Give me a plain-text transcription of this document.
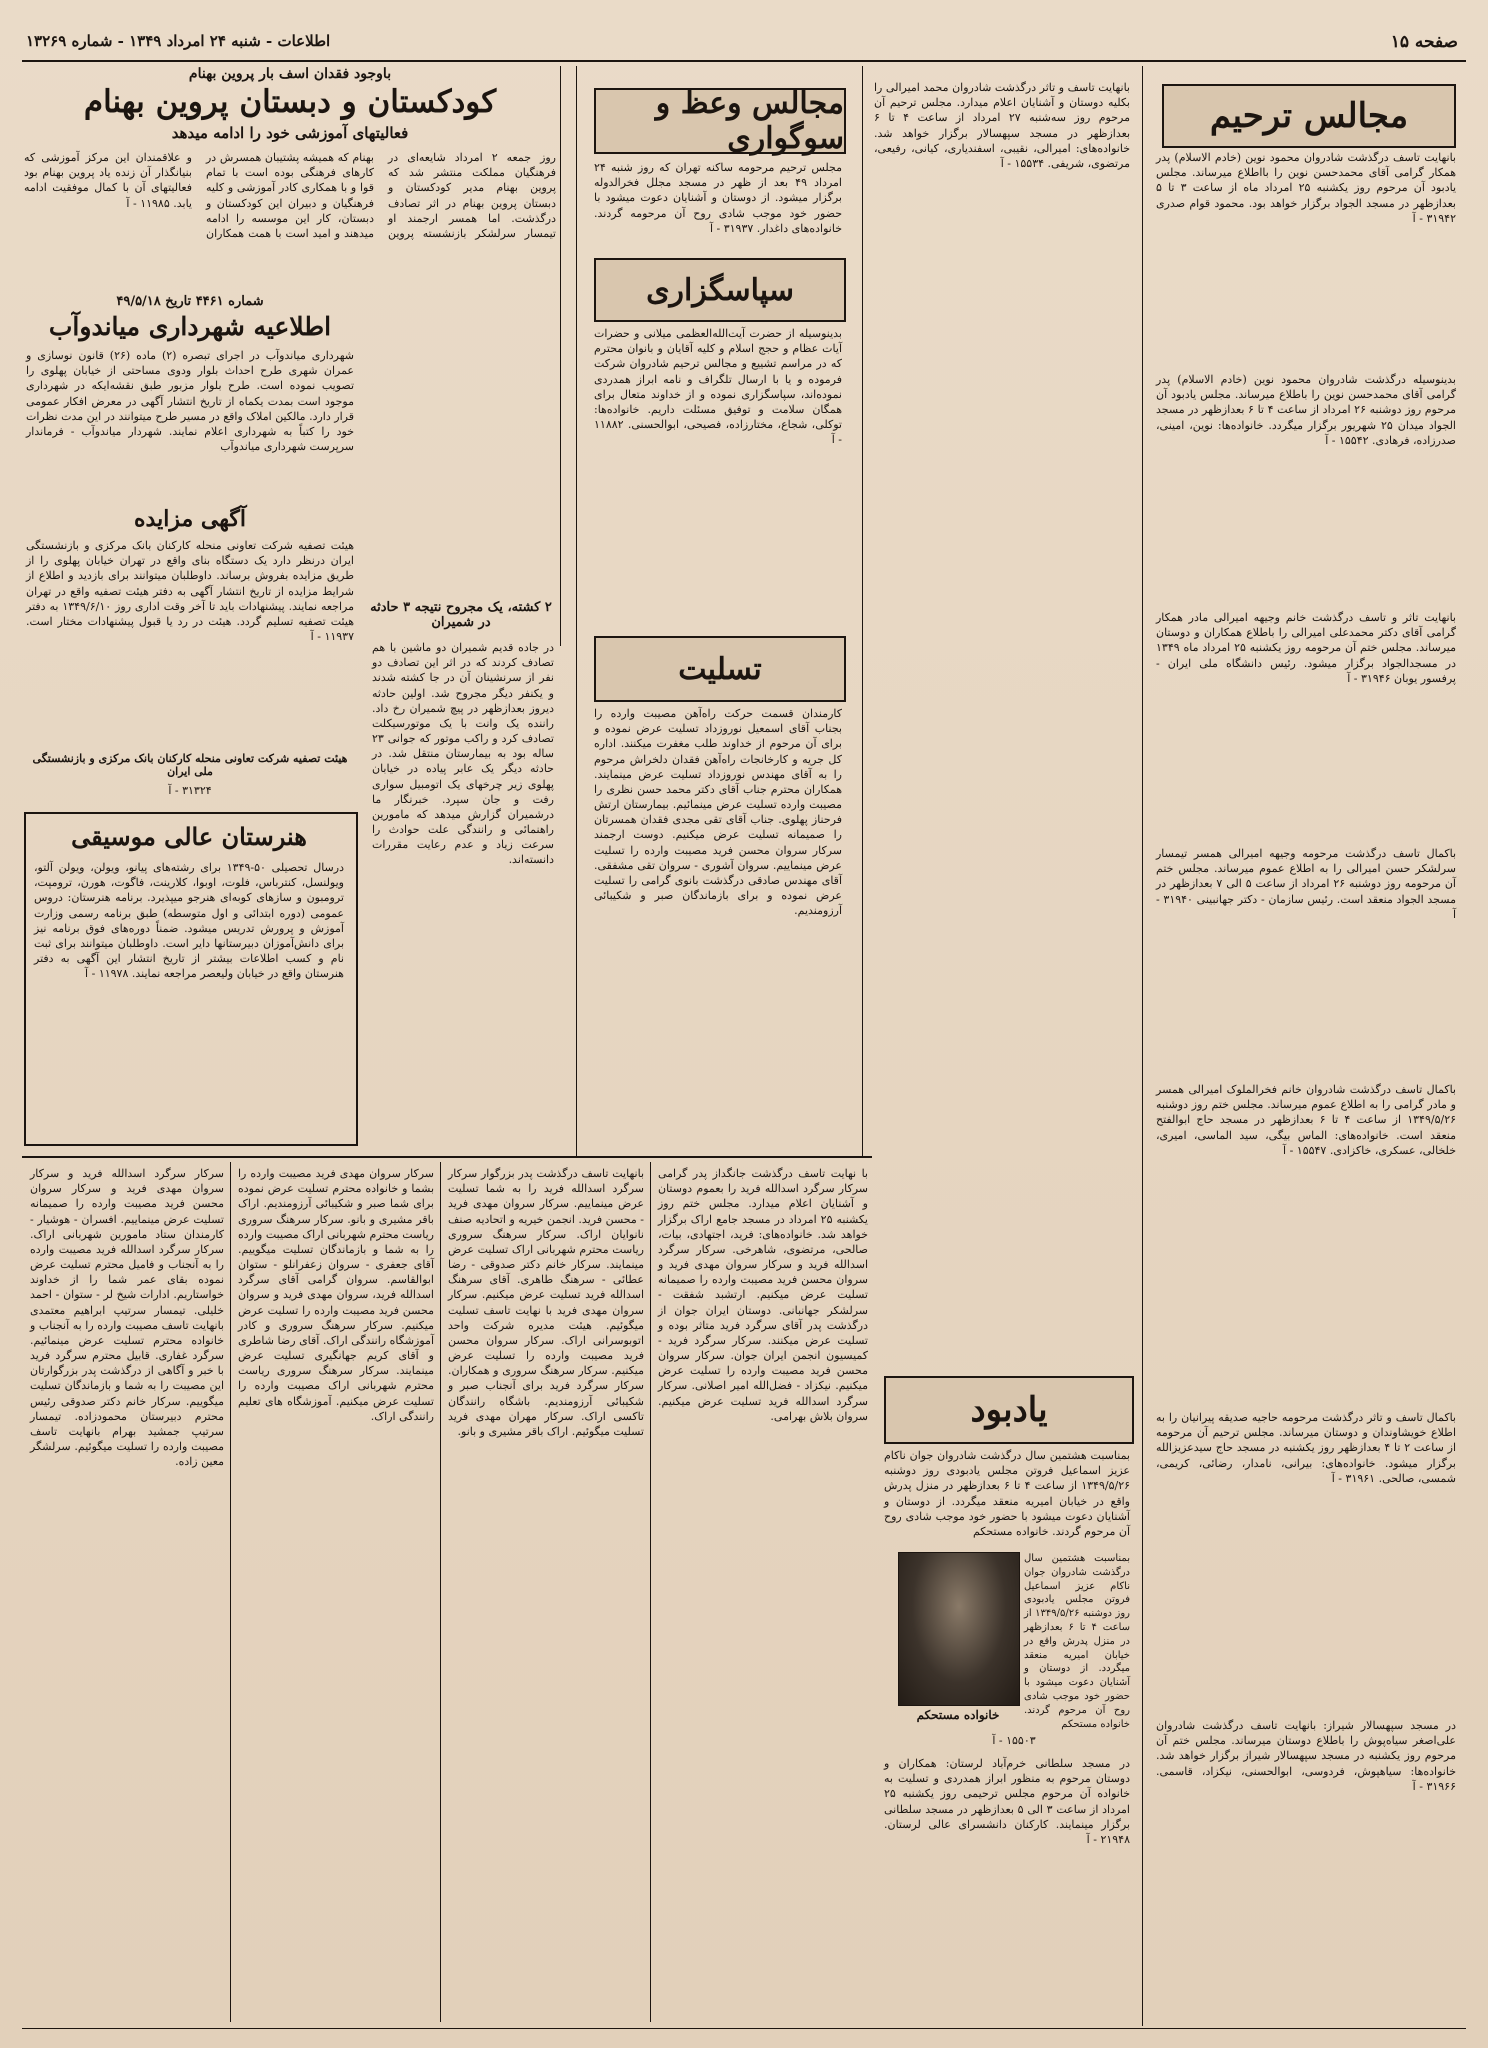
صفحه ۱۵
اطلاعات - شنبه ۲۴ امرداد ۱۳۴۹ - شماره ۱۳۲۶۹
باوجود فقدان اسف بار پروین بهنام
کودکستان و دبستان پروین بهنام
فعالیتهای آموزشی خود را ادامه میدهد
روز جمعه ۲ امرداد شایعه‌ای در فرهنگیان مملکت منتشر شد که پروین بهنام مدیر کودکستان و دبستان پروین بهنام در اثر تصادف درگذشت. اما همسر ارجمند او تیمسار سرلشکر بازنشسته پروین بهنام که همیشه پشتیبان همسرش در کارهای فرهنگی بوده است با تمام قوا و با همکاری کادر آموزشی و کلیه فرهنگیان و دبیران این کودکستان و دبستان، کار این موسسه را ادامه میدهند و امید است با همت همکاران و علاقمندان این مرکز آموزشی که بنیانگذار آن زنده یاد پروین بهنام بود فعالیتهای آن با کمال موفقیت ادامه یابد. ۱۱۹۸۵ - آ
۲ کشته، یک مجروح نتیجه ۳ حادثه در شمیران
در جاده قدیم شمیران دو ماشین با هم تصادف کردند که در اثر این تصادف دو نفر از سرنشینان آن در جا کشته شدند و یکنفر دیگر مجروح شد. اولین حادثه دیروز بعدازظهر در پیچ شمیران رخ داد. راننده یک وانت با یک موتورسیکلت تصادف کرد و راکب موتور که جوانی ۲۳ ساله بود به بیمارستان منتقل شد. در حادثه دیگر یک عابر پیاده در خیابان پهلوی زیر چرخهای یک اتومبیل سواری رفت و جان سپرد. خبرنگار ما درشمیران گزارش میدهد که مامورین راهنمائی و رانندگی علت حوادث را سرعت زیاد و عدم رعایت مقررات دانسته‌اند.
شماره ۴۴۶۱ تاریخ ۴۹/۵/۱۸
اطلاعیه شهرداری میاندوآب
شهرداری میاندوآب در اجرای تبصره (۲) ماده (۲۶) قانون نوسازی و عمران شهری طرح احداث بلوار ودوی مساحتی از خیابان پهلوی را تصویب نموده است. طرح بلوار مزبور طبق نقشه‌ایکه در شهرداری موجود است بمدت یکماه از تاریخ انتشار آگهی در معرض افکار عمومی قرار دارد. مالکین املاک واقع در مسیر طرح میتوانند در این مدت نظرات خود را کتباً به شهرداری اعلام نمایند. شهردار میاندوآب - فرماندار سرپرست شهرداری میاندوآب
آگهی مزایده
هیئت تصفیه شرکت تعاونی منحله کارکنان بانک مرکزی و بازنشستگی ایران درنظر دارد یک دستگاه بنای واقع در تهران خیابان پهلوی را از طریق مزایده بفروش برساند. داوطلبان میتوانند برای بازدید و اطلاع از شرایط مزایده از تاریخ انتشار آگهی به دفتر هیئت تصفیه واقع در تهران مراجعه نمایند. پیشنهادات باید تا آخر وقت اداری روز ۱۳۴۹/۶/۱۰ به دفتر هیئت تصفیه تسلیم گردد. هیئت در رد یا قبول پیشنهادات مختار است. ۱۱۹۳۷ - آ
هیئت تصفیه شرکت تعاونی منحله کارکنان بانک مرکزی و بازنشستگی ملی ایران
۳۱۳۲۴ - آ
هنرستان عالی موسیقی
درسال تحصیلی ۵۰-۱۳۴۹ برای رشته‌های پیانو، ویولن، ویولن آلتو، ویولنسل، کنترباس، فلوت، اوبوا، کلارینت، فاگوت، هورن، ترومپت، ترومبون و سازهای کوبه‌ای هنرجو میپذیرد. برنامه هنرستان: دروس عمومی (دوره ابتدائی و اول متوسطه) طبق برنامه رسمی وزارت آموزش و پرورش تدریس میشود. ضمناً دوره‌های فوق برنامه نیز برای دانش‌آموزان دبیرستانها دایر است. داوطلبان میتوانند برای ثبت نام و کسب اطلاعات بیشتر از تاریخ انتشار این آگهی به دفتر هنرستان واقع در خیابان ولیعصر مراجعه نمایند. ۱۱۹۷۸ - آ
مجالس وعظ و سوگواری
مجلس ترحیم مرحومه ساکنه تهران که روز شنبه ۲۴ امرداد ۴۹ بعد از ظهر در مسجد مجلل فخرالدوله برگزار میشود. از دوستان و آشنایان دعوت میشود با حضور خود موجب شادی روح آن مرحومه گردند. خانواده‌های داغدار. ۳۱۹۳۷ - آ
سپاسگزاری
بدینوسیله از حضرت آیت‌الله‌العظمی میلانی و حضرات آیات عظام و حجج اسلام و کلیه آقایان و بانوان محترم که در مراسم تشییع و مجالس ترحیم شادروان شرکت فرموده و یا با ارسال تلگراف و نامه ابراز همدردی نموده‌اند، سپاسگزاری نموده و از خداوند متعال برای همگان سلامت و توفیق مسئلت داریم. خانواده‌ها: توکلی، شجاع، مختارزاده، فصیحی، ابوالحسنی. ۱۱۸۸۲ - آ
تسلیت
کارمندان قسمت حرکت راه‌آهن مصیبت وارده را بجناب آقای اسمعیل نوروزداد تسلیت عرض نموده و برای آن مرحوم از خداوند طلب مغفرت میکنند. اداره کل جریه و کارخانجات راه‌آهن فقدان دلخراش مرحوم را به آقای مهندس نوروزداد تسلیت عرض مینمایند. همکاران محترم جناب آقای دکتر محمد حسن نظری را مصیبت وارده تسلیت عرض مینمائیم. بیمارستان ارتش فرحناز پهلوی. جناب آقای تقی مجدی فقدان همسرتان را صمیمانه تسلیت عرض میکنیم. دوست ارجمند سرکار سروان محسن فرید مصیبت وارده را تسلیت عرض مینماییم. سروان آشوری - سروان تقی مشفقی. آقای مهندس صادقی درگذشت بانوی گرامی را تسلیت عرض نموده و برای بازماندگان صبر و شکیبائی آرزومندیم.
بانهایت تاسف و تاثر درگذشت شادروان محمد امیرالی را بکلیه دوستان و آشنایان اعلام میدارد. مجلس ترحیم آن مرحوم روز سه‌شنبه ۲۷ امرداد از ساعت ۴ تا ۶ بعدازظهر در مسجد سپهسالار برگزار خواهد شد. خانواده‌های: امیرالی، نقیبی، اسفندیاری، کیانی، رفیعی، مرتضوی، شریفی. ۱۵۵۳۴ - آ
یادبود
بمناسبت هشتمین سال درگذشت شادروان جوان ناکام عزیز اسماعیل فروتن مجلس یادبودی روز دوشنبه ۱۳۴۹/۵/۲۶ از ساعت ۴ تا ۶ بعدازظهر در منزل پدرش واقع در خیابان امیریه منعقد میگردد. از دوستان و آشنایان دعوت میشود با حضور خود موجب شادی روح آن مرحوم گردند. خانواده مستحکم
خانواده مستحکم
بمناسبت هشتمین سال درگذشت شادروان جوان ناکام عزیز اسماعیل فروتن مجلس یادبودی روز دوشنبه ۱۳۴۹/۵/۲۶ از ساعت ۴ تا ۶ بعدازظهر در منزل پدرش واقع در خیابان امیریه منعقد میگردد. از دوستان و آشنایان دعوت میشود با حضور خود موجب شادی روح آن مرحوم گردند. خانواده مستحکم
۱۵۵۰۳ - آ
در مسجد سلطانی خرم‌آباد لرستان: همکاران و دوستان مرحوم به منظور ابراز همدردی و تسلیت به خانواده آن مرحوم مجلس ترحیمی روز یکشنبه ۲۵ امرداد از ساعت ۳ الی ۵ بعدازظهر در مسجد سلطانی برگزار مینمایند. کارکنان دانشسرای عالی لرستان. ۲۱۹۴۸ - آ
مجالس ترحیم
بانهایت تاسف درگذشت شادروان محمود نوین (خادم الاسلام) پدر همکار گرامی آقای محمدحسن نوین را بااطلاع میرساند. مجلس یادبود آن مرحوم روز یکشنبه ۲۵ امرداد ماه از ساعت ۳ تا ۵ بعدازظهر در مسجد الجواد برگزار خواهد بود. محمود قوام صدری ۳۱۹۴۲ - آ
بدینوسیله درگذشت شادروان محمود نوین (خادم الاسلام) پدر گرامی آقای محمدحسن نوین را باطلاع میرساند. مجلس یادبود آن مرحوم روز دوشنبه ۲۶ امرداد از ساعت ۴ تا ۶ بعدازظهر در مسجد الجواد میدان ۲۵ شهریور برگزار میگردد. خانواده‌ها: نوین، امینی، صدرزاده، فرهادی. ۱۵۵۴۲ - آ
بانهایت تاثر و تاسف درگذشت خانم وجیهه امیرالی مادر همکار گرامی آقای دکتر محمدعلی امیرالی را باطلاع همکاران و دوستان میرساند. مجلس ختم آن مرحومه روز یکشنبه ۲۵ امرداد ماه ۱۳۴۹ در مسجدالجواد برگزار میشود. رئیس دانشگاه ملی ایران - پرفسور یوبان ۳۱۹۴۶ - آ
باکمال تاسف درگذشت مرحومه وجیهه امیرالی همسر تیمسار سرلشکر حسن امیرالی را به اطلاع عموم میرساند. مجلس ختم آن مرحومه روز دوشنبه ۲۶ امرداد از ساعت ۵ الی ۷ بعدازظهر در مسجد الجواد منعقد است. رئیس سازمان - دکتر جهانبینی ۳۱۹۴۰ - آ
باکمال تاسف درگذشت شادروان خانم فخرالملوک امیرالی همسر و مادر گرامی را به اطلاع عموم میرساند. مجلس ختم روز دوشنبه ۱۳۴۹/۵/۲۶ از ساعت ۴ تا ۶ بعدازظهر در مسجد حاج ابوالفتح منعقد است. خانواده‌های: الماس بیگی، سید الماسی، امیری، خلخالی، عسکری، خاکزادی. ۱۵۵۴۷ - آ
باکمال تاسف و تاثر درگذشت مرحومه حاجیه صدیقه پیرانیان را به اطلاع خویشاوندان و دوستان میرساند. مجلس ترحیم آن مرحومه از ساعت ۲ تا ۴ بعدازظهر روز یکشنبه در مسجد حاج سیدعزیزالله برگزار میشود. خانواده‌های: بیرانی، نامدار، رضائی، کریمی، شمسی، صالحی. ۳۱۹۶۱ - آ
در مسجد سپهسالار شیراز: بانهایت تاسف درگذشت شادروان علی‌اصغر سیاه‌پوش را باطلاع دوستان میرساند. مجلس ختم آن مرحوم روز یکشنبه در مسجد سپهسالار شیراز برگزار خواهد شد. خانواده‌ها: سیاهپوش، فردوسی، ابوالحسنی، نیکزاد، قاسمی. ۳۱۹۶۶ - آ
سرکار سرگرد اسدالله فرید و سرکار سروان مهدی فرید و سرکار سروان محسن فرید مصیبت وارده را صمیمانه تسلیت عرض مینماییم. افسران - هوشیار - کارمندان ستاد مامورین شهربانی اراک. سرکار سرگرد اسدالله فرید مصیبت وارده را به آنجناب و فامیل محترم تسلیت عرض نموده بقای عمر شما را از خداوند خواستاریم. ادارات شیخ لر - ستوان - احمد خلیلی. تیمسار سرتیپ ابراهیم معتمدی بانهایت تاسف مصیبت وارده را به آنجناب و خانواده محترم تسلیت عرض مینمائیم. سرگرد غفاری. قابیل محترم سرگرد فرید با خبر و آگاهی از درگذشت پدر بزرگوارتان این مصیبت را به شما و بازماندگان تسلیت میگوییم. سرکار خانم دکتر صدوقی رئیس محترم دبیرستان محمودزاده. تیمسار سرتیپ جمشید بهرام بانهایت تاسف مصیبت وارده را تسلیت میگوئیم. سرلشگر معین زاده.
سرکار سروان مهدی فرید مصیبت وارده را بشما و خانواده محترم تسلیت عرض نموده برای شما صبر و شکیبائی آرزومندیم. اراک باقر مشیری و بانو. سرکار سرهنگ سروری ریاست محترم شهربانی اراک مصیبت وارده را به شما و بازماندگان تسلیت میگوییم. آقای جعفری - سروان زعفرانلو - ستوان ابوالقاسم. سروان گرامی آقای سرگرد اسدالله فرید، سروان مهدی فرید و سروان محسن فرید مصیبت وارده را تسلیت عرض میکنیم. سرکار سرهنگ سروری و کادر آموزشگاه رانندگی اراک. آقای رضا شاطری و آقای کریم جهانگیری تسلیت عرض مینمایند. سرکار سرهنگ سروری ریاست محترم شهربانی اراک مصیبت وارده را تسلیت عرض میکنیم. آموزشگاه های تعلیم رانندگی اراک.
بانهایت تاسف درگذشت پدر بزرگوار سرکار سرگرد اسدالله فرید را به شما تسلیت عرض مینماییم. سرکار سروان مهدی فرید - محسن فرید. انجمن خیریه و اتحادیه صنف نانوایان اراک. سرکار سرهنگ سروری ریاست محترم شهربانی اراک تسلیت عرض مینمایند. سرکار خانم دکتر صدوقی - رضا عطائی - سرهنگ طاهری. آقای سرهنگ اسدالله فرید تسلیت عرض میکنیم. سرکار سروان مهدی فرید با نهایت تاسف تسلیت میگوئیم. هیئت مدیره شرکت واحد اتوبوسرانی اراک. سرکار سروان محسن فرید مصیبت وارده را تسلیت عرض میکنیم. سرکار سرهنگ سروری و همکاران. سرکار سرگرد فرید برای آنجناب صبر و شکیبائی آرزومندیم. باشگاه رانندگان تاکسی اراک. سرکار مهران مهدی فرید تسلیت میگوئیم. اراک باقر مشیری و بانو.
با نهایت تاسف درگذشت جانگداز پدر گرامی سرکار سرگرد اسدالله فرید را بعموم دوستان و آشنایان اعلام میدارد. مجلس ختم روز یکشنبه ۲۵ امرداد در مسجد جامع اراک برگزار خواهد شد. خانواده‌های: فرید، اجتهادی، بیات، صالحی، مرتضوی، شاهرخی. سرکار سرگرد اسدالله فرید و سرکار سروان مهدی فرید و سروان محسن فرید مصیبت وارده را صمیمانه تسلیت عرض میکنیم. ارتشبد شفقت - سرلشکر جهانبانی. دوستان ایران جوان از درگذشت پدر آقای سرگرد فرید متاثر بوده و تسلیت عرض میکنند. سرکار سرگرد فرید - کمیسیون انجمن ایران جوان. سرکار سروان محسن فرید مصیبت وارده را تسلیت عرض میکنیم. نیکزاد - فضل‌الله امیر اصلانی. سرکار سرگرد اسدالله فرید تسلیت عرض میکنیم. سروان بلاش بهرامی.
